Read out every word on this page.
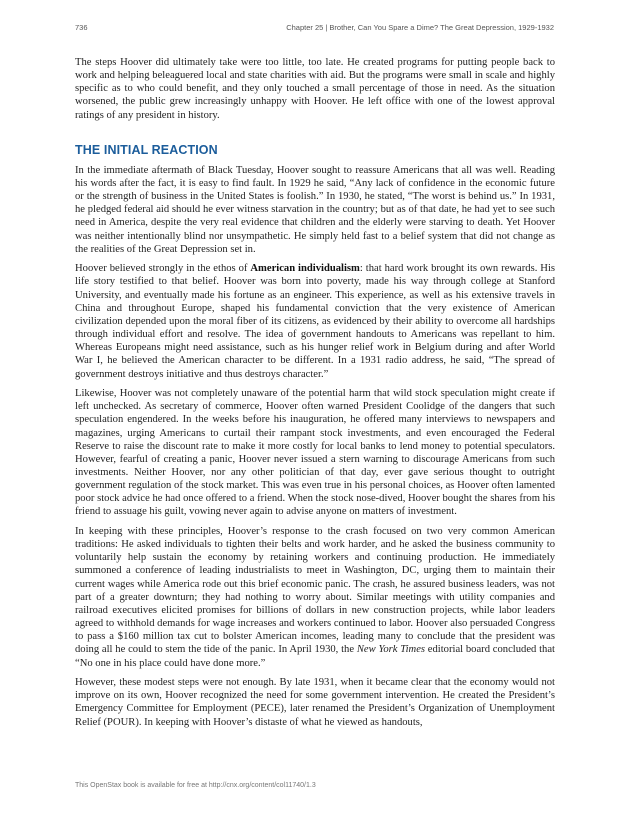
736	Chapter 25 | Brother, Can You Spare a Dime? The Great Depression, 1929-1932

The steps Hoover did ultimately take were too little, too late. He created programs for putting people back to work and helping beleaguered local and state charities with aid. But the programs were small in scale and highly specific as to who could benefit, and they only touched a small percentage of those in need. As the situation worsened, the public grew increasingly unhappy with Hoover. He left office with one of the lowest approval ratings of any president in history.

THE INITIAL REACTION

In the immediate aftermath of Black Tuesday, Hoover sought to reassure Americans that all was well. Reading his words after the fact, it is easy to find fault. In 1929 he said, “Any lack of confidence in the economic future or the strength of business in the United States is foolish.” In 1930, he stated, “The worst is behind us.” In 1931, he pledged federal aid should he ever witness starvation in the country; but as of that date, he had yet to see such need in America, despite the very real evidence that children and the elderly were starving to death. Yet Hoover was neither intentionally blind nor unsympathetic. He simply held fast to a belief system that did not change as the realities of the Great Depression set in.

Hoover believed strongly in the ethos of American individualism: that hard work brought its own rewards. His life story testified to that belief. Hoover was born into poverty, made his way through college at Stanford University, and eventually made his fortune as an engineer. This experience, as well as his extensive travels in China and throughout Europe, shaped his fundamental conviction that the very existence of American civilization depended upon the moral fiber of its citizens, as evidenced by their ability to overcome all hardships through individual effort and resolve. The idea of government handouts to Americans was repellant to him. Whereas Europeans might need assistance, such as his hunger relief work in Belgium during and after World War I, he believed the American character to be different. In a 1931 radio address, he said, “The spread of government destroys initiative and thus destroys character.”

Likewise, Hoover was not completely unaware of the potential harm that wild stock speculation might create if left unchecked. As secretary of commerce, Hoover often warned President Coolidge of the dangers that such speculation engendered. In the weeks before his inauguration, he offered many interviews to newspapers and magazines, urging Americans to curtail their rampant stock investments, and even encouraged the Federal Reserve to raise the discount rate to make it more costly for local banks to lend money to potential speculators. However, fearful of creating a panic, Hoover never issued a stern warning to discourage Americans from such investments. Neither Hoover, nor any other politician of that day, ever gave serious thought to outright government regulation of the stock market. This was even true in his personal choices, as Hoover often lamented poor stock advice he had once offered to a friend. When the stock nose-dived, Hoover bought the shares from his friend to assuage his guilt, vowing never again to advise anyone on matters of investment.

In keeping with these principles, Hoover’s response to the crash focused on two very common American traditions: He asked individuals to tighten their belts and work harder, and he asked the business community to voluntarily help sustain the economy by retaining workers and continuing production. He immediately summoned a conference of leading industrialists to meet in Washington, DC, urging them to maintain their current wages while America rode out this brief economic panic. The crash, he assured business leaders, was not part of a greater downturn; they had nothing to worry about. Similar meetings with utility companies and railroad executives elicited promises for billions of dollars in new construction projects, while labor leaders agreed to withhold demands for wage increases and workers continued to labor. Hoover also persuaded Congress to pass a $160 million tax cut to bolster American incomes, leading many to conclude that the president was doing all he could to stem the tide of the panic. In April 1930, the New York Times editorial board concluded that “No one in his place could have done more.”

However, these modest steps were not enough. By late 1931, when it became clear that the economy would not improve on its own, Hoover recognized the need for some government intervention. He created the President’s Emergency Committee for Employment (PECE), later renamed the President’s Organization of Unemployment Relief (POUR). In keeping with Hoover’s distaste of what he viewed as handouts,

This OpenStax book is available for free at http://cnx.org/content/col11740/1.3
